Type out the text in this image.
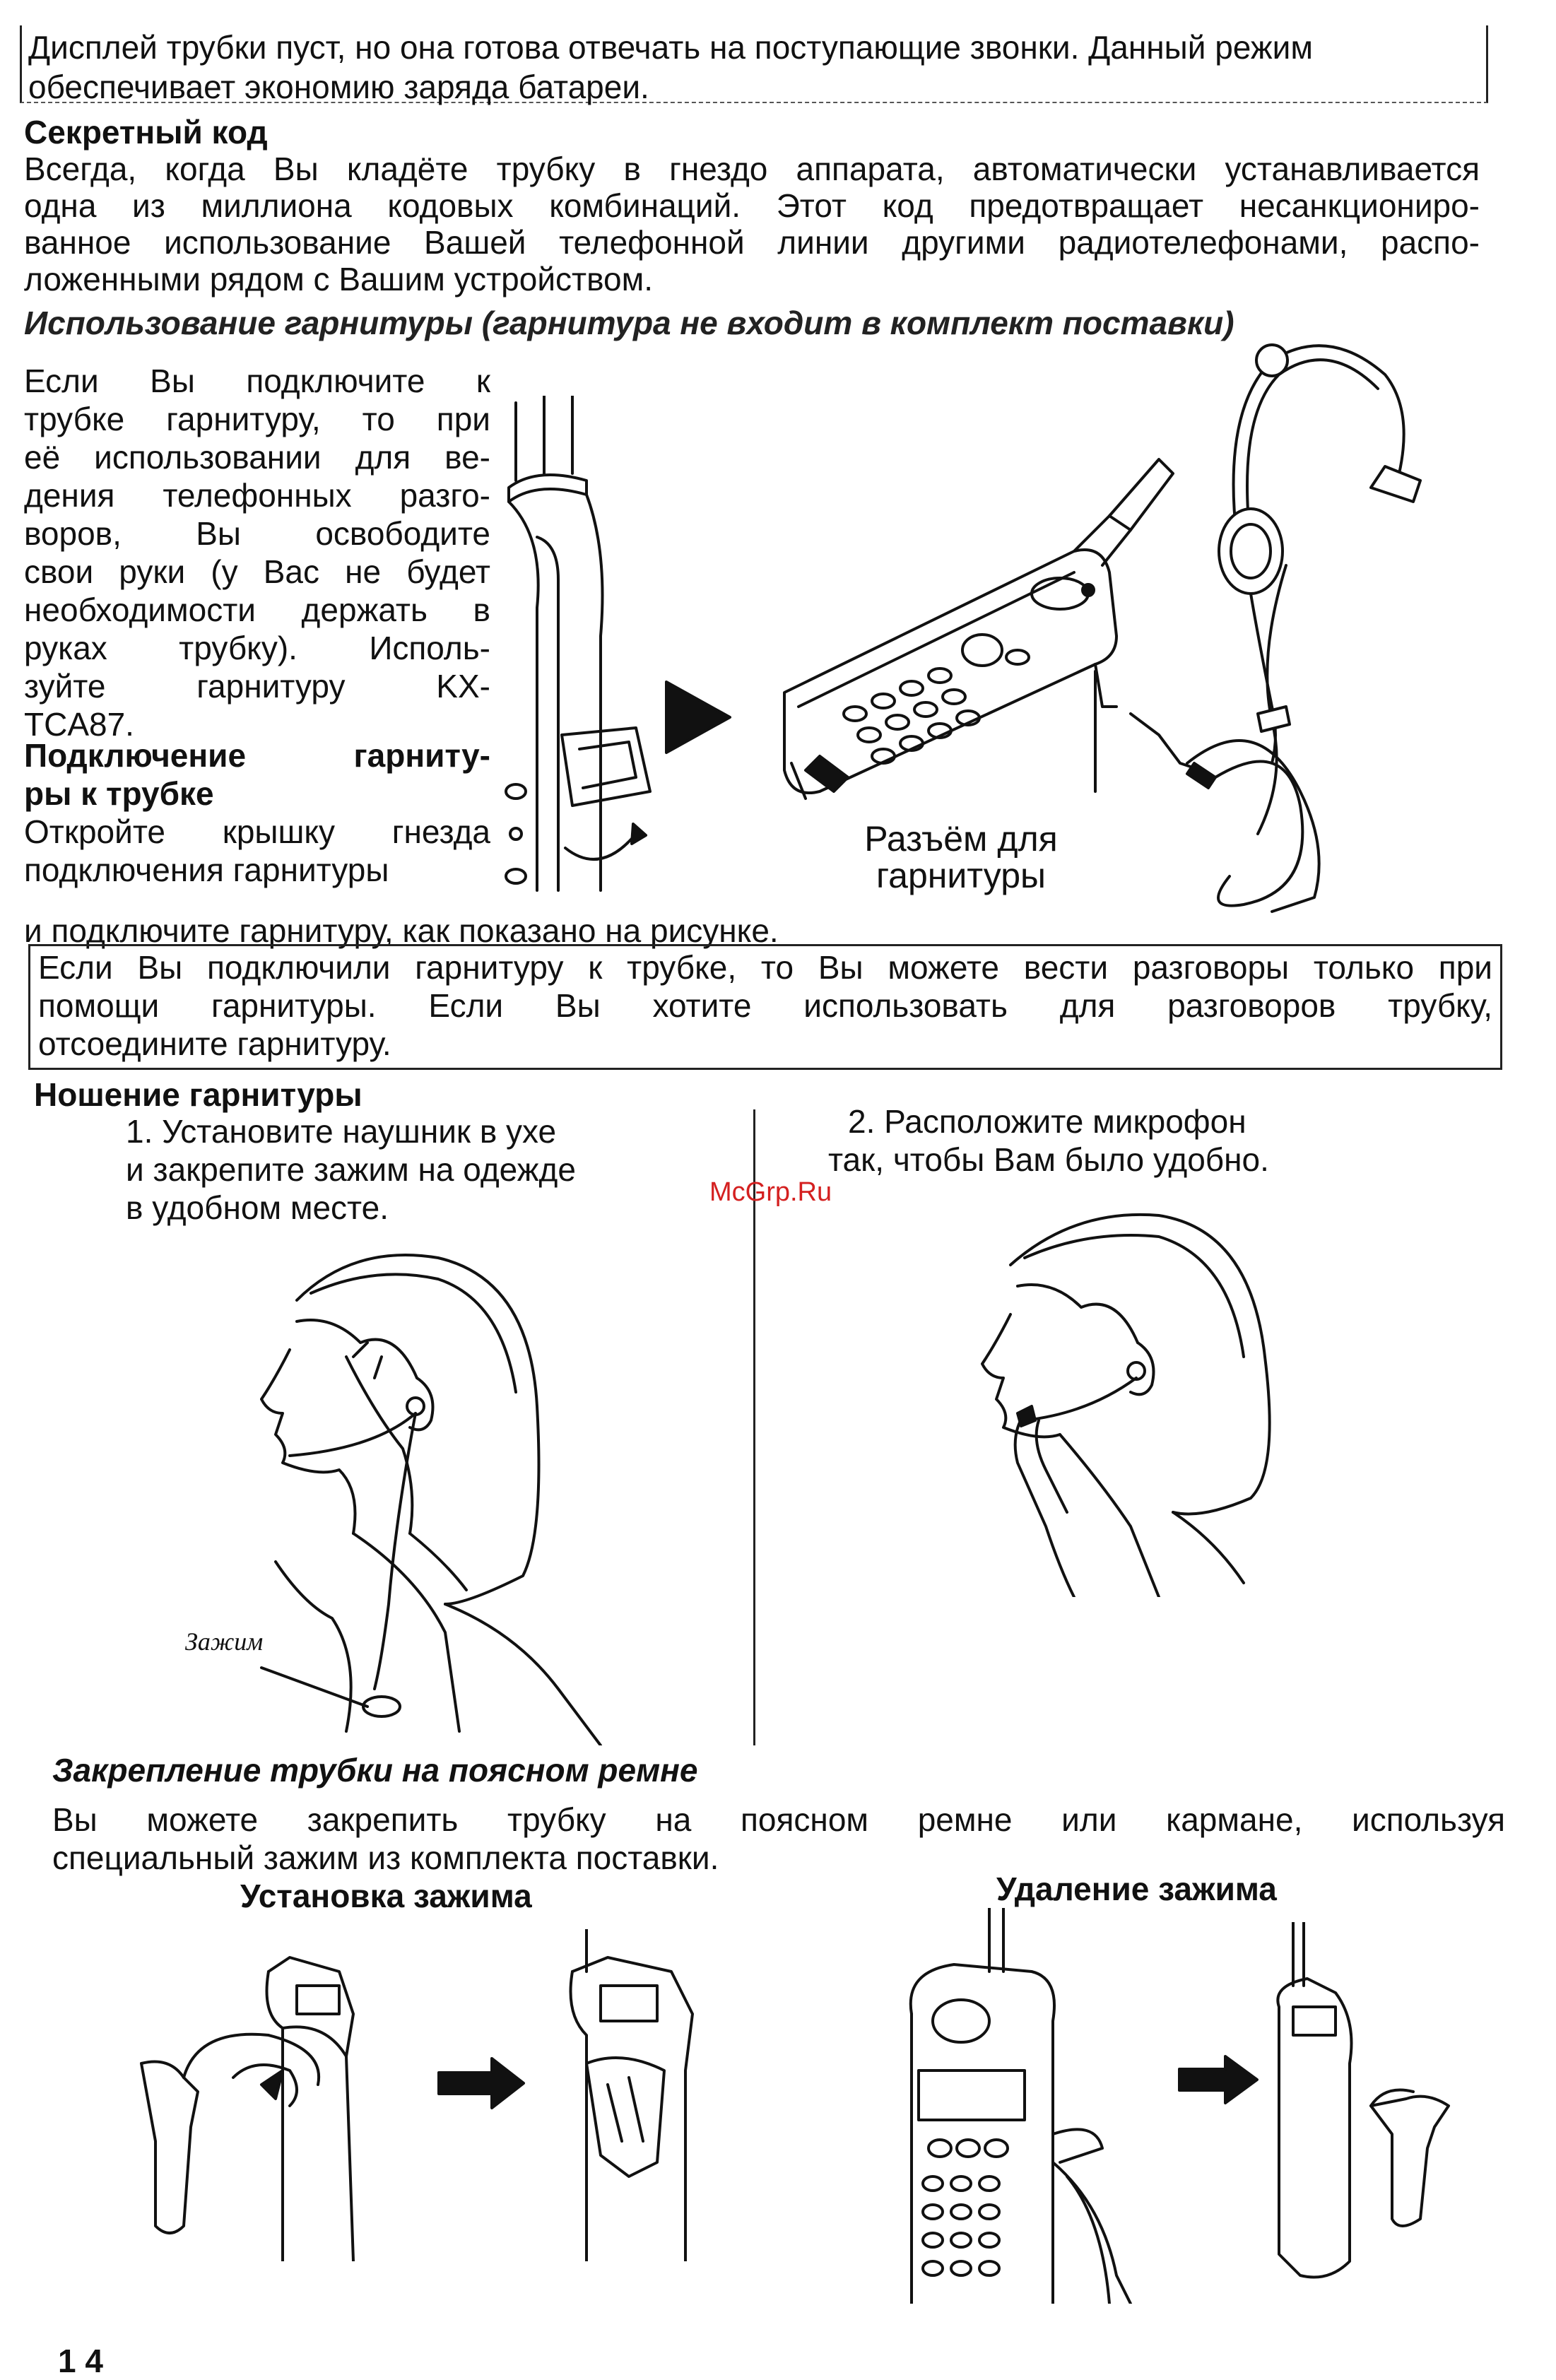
Дисплей трубки пуст, но она готова отвечать на поступающие звонки. Данный режим
обеспечивает экономию заряда батареи.
Секретный код
Всегда, когда Вы кладёте трубку в гнездо аппарата, автоматически устанавливается
одна из миллиона кодовых комбинаций. Этот код предотвращает несанкциониро-
ванное использование Вашей телефонной линии другими радиотелефонами, распо-
ложенными рядом с Вашим устройством.
Использование гарнитуры (гарнитура не входит в комплект поставки)
Если Вы подключите к
трубке гарнитуру, то при
её использовании для ве-
дения телефонных разго-
воров, Вы освободите
свои руки (у Вас не будет
необходимости держать в
руках трубку). Исполь-
зуйте гарнитуру KX-
TCA87.
Подключение гарниту-
ры к трубке
Откройте крышку гнезда
подключения гарнитуры
Разъём для
гарнитуры
и подключите гарнитуру, как показано на рисунке.
Если Вы подключили гарнитуру к трубке, то Вы можете вести разговоры только при
помощи гарнитуры. Если Вы хотите использовать для разговоров трубку,
отсоедините гарнитуру.
Ношение гарнитуры
1. Установите наушник в ухе
и закрепите зажим на одежде
в удобном месте.
2. Расположите микрофон
так, чтобы Вам было удобно.
McGrp.Ru
Зажим
Закрепление трубки на поясном ремне
Вы можете закрепить трубку на поясном ремне или кармане, используя
специальный зажим из комплекта поставки.
Установка зажима	Удаление зажима
1 4
